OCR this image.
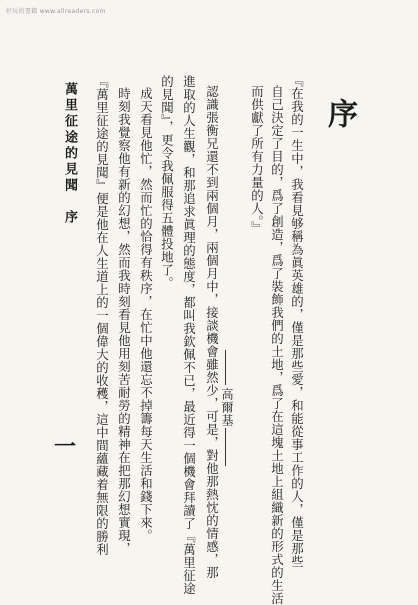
好玩的書籍 www.allreaders.com
序
『在我的一生中，我看見够稱為眞英雄的，僅是那些愛，和能從事工作的人，僅是那些
自己決定了目的，爲了創造，爲了裝飾我們的土地，爲了在這塊土地上組織新的形式的生活
而供獻了所有力量的人。』
高爾基
認識張衡兄還不到兩個月，兩個月中，接談機會雖然少，可是，對他那熱忱的情感，那
進取的人生觀，和那追求眞理的態度，都叫我欽佩不已，最近得一個機會拜讀了『萬里征途
的見聞』，更令我佩服得五體投地了。
成天看見他忙，然而忙的恰得有秩序，在忙中他還忘不掉籌每天生活和錢下來。
時刻我覺察他有新的幻想，然而我時刻看見他用刻苦耐勞的精神在把那幻想實現，
『萬里征途的見聞』便是他在人生道上的一個偉大的收穫，這中間蘊藏着無限的勝利
萬里征途的見聞　序
一
